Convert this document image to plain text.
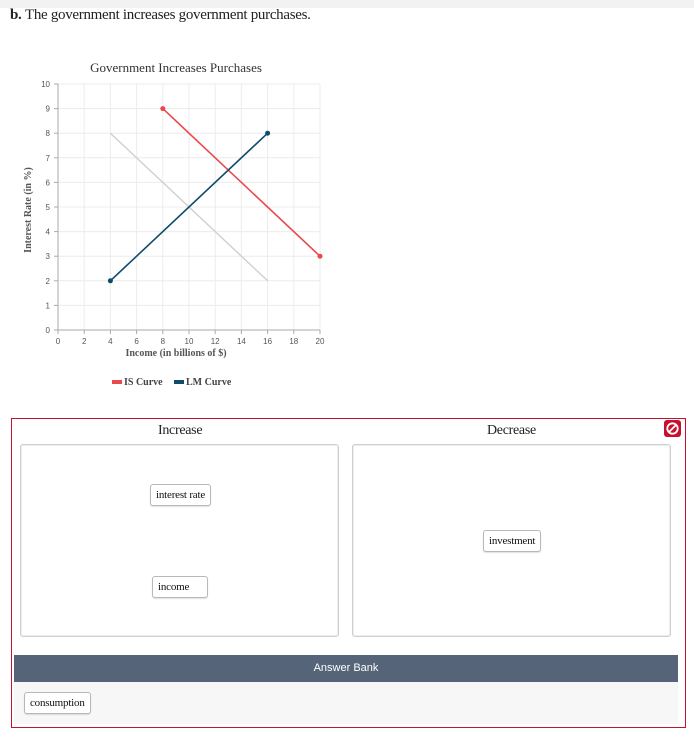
b. The government increases government purchases.
0
1
2
3
4
5
6
7
8
9
10
0	2	4	6	8 10 12 14 16 18 20
Government Increases Purchases
Income (in billions of $)
Interest Rate (in %)
IS Curve LM Curve
Increase	Decrease
interest rate
income
investment
Answer Bank
consumption
